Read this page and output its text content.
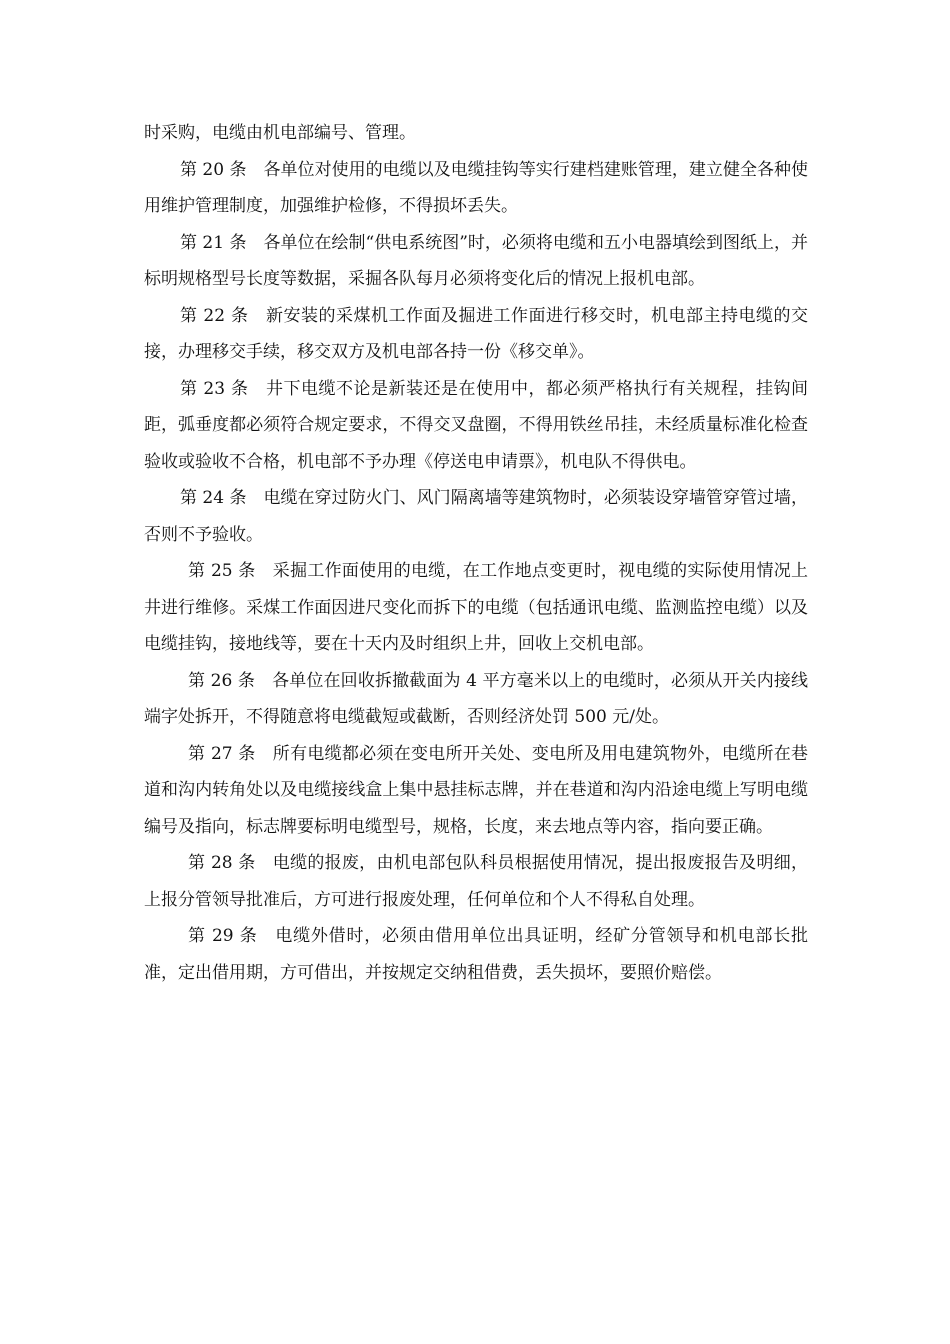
时采购，电缆由机电部编号、管理。

第 20 条 各单位对使用的电缆以及电缆挂钩等实行建档建账管理，建立健全各种使用维护管理制度，加强维护检修，不得损坏丢失。

第 21 条 各单位在绘制“供电系统图”时，必须将电缆和五小电器填绘到图纸上，并标明规格型号长度等数据，采掘各队每月必须将变化后的情况上报机电部。

第 22 条 新安装的采煤机工作面及掘进工作面进行移交时，机电部主持电缆的交接，办理移交手续，移交双方及机电部各持一份《移交单》。

第 23 条 井下电缆不论是新装还是在使用中，都必须严格执行有关规程，挂钩间距，弧垂度都必须符合规定要求，不得交叉盘圈，不得用铁丝吊挂，未经质量标准化检查验收或验收不合格，机电部不予办理《停送电申请票》，机电队不得供电。

第 24 条 电缆在穿过防火门、风门隔离墙等建筑物时，必须装设穿墙管穿管过墙，否则不予验收。

第 25 条 采掘工作面使用的电缆，在工作地点变更时，视电缆的实际使用情况上井进行维修。采煤工作面因进尺变化而拆下的电缆（包括通讯电缆、监测监控电缆）以及电缆挂钩，接地线等，要在十天内及时组织上井，回收上交机电部。

第 26 条 各单位在回收拆撤截面为 4 平方毫米以上的电缆时，必须从开关内接线端字处拆开，不得随意将电缆截短或截断，否则经济处罚 500 元/处。

第 27 条 所有电缆都必须在变电所开关处、变电所及用电建筑物外，电缆所在巷道和沟内转角处以及电缆接线盒上集中悬挂标志牌，并在巷道和沟内沿途电缆上写明电缆编号及指向，标志牌要标明电缆型号，规格，长度，来去地点等内容，指向要正确。

第 28 条 电缆的报废，由机电部包队科员根据使用情况，提出报废报告及明细，上报分管领导批准后，方可进行报废处理，任何单位和个人不得私自处理。

第 29 条 电缆外借时，必须由借用单位出具证明，经矿分管领导和机电部长批准，定出借用期，方可借出，并按规定交纳租借费，丢失损坏，要照价赔偿。
